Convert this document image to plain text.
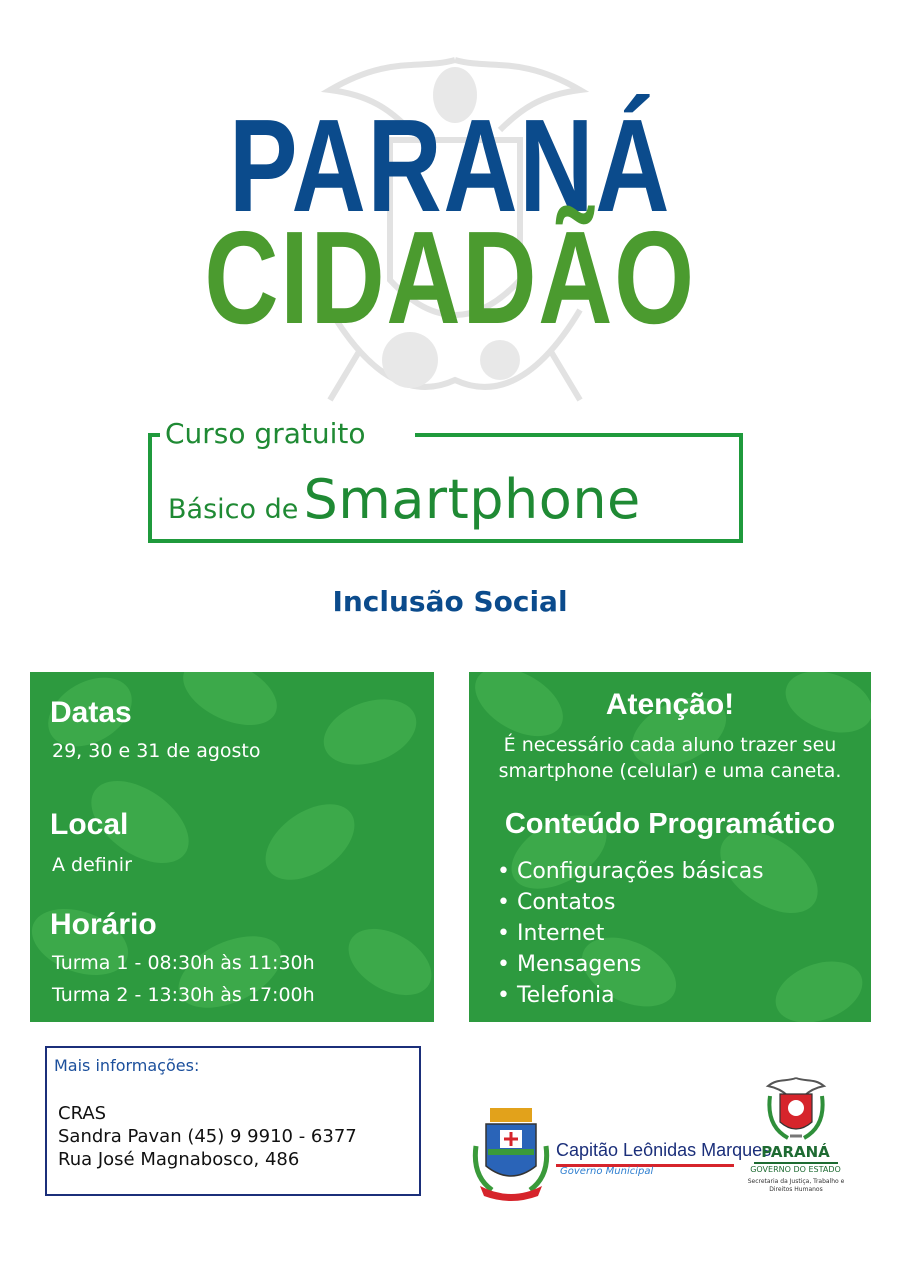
PARANÁ
CIDADÃO
Curso gratuito
Básico de Smartphone
Inclusão Social
Datas
29, 30 e 31 de agosto
Local
A definir
Horário
Turma 1 - 08:30h às 11:30h
Turma 2 - 13:30h às 17:00h
Atenção!
É necessário cada aluno trazer seu
smartphone (celular) e uma caneta.
Conteúdo Programático
• Configurações básicas
• Contatos
• Internet
• Mensagens
• Telefonia
Mais informações:
CRAS
Sandra Pavan (45) 9 9910 - 6377
Rua José Magnabosco, 486	Capitão Leônidas Marques
Governo Municipal
PARANÁ
GOVERNO DO ESTADO
Secretaria da Justiça, Trabalho e Direitos Humanos
